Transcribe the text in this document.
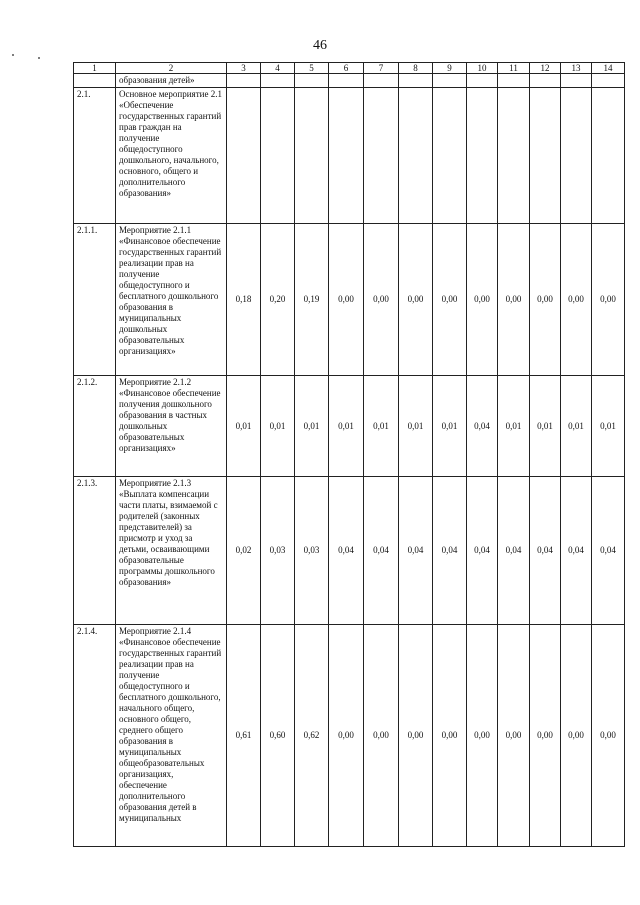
46
1	2	3	4	5	6	7	8	9	10	11	12	13	14
	образования детей»												
2.1.	Основное мероприятие 2.1 «Обеспечение государственных гарантий прав граждан на получение общедоступного дошкольного, начального, основного, общего и дополнительного образования»												
2.1.1.	Мероприятие 2.1.1 «Финансовое обеспечение государственных гарантий реализации прав на получение общедоступного и бесплатного дошкольного образования в муниципальных дошкольных образовательных организациях»	0,18	0,20	0,19	0,00	0,00	0,00	0,00	0,00	0,00	0,00	0,00	0,00
2.1.2.	Мероприятие 2.1.2 «Финансовое обеспечение получения дошкольного образования в частных дошкольных образовательных организациях»	0,01	0,01	0,01	0,01	0,01	0,01	0,01	0,04	0,01	0,01	0,01	0,01
2.1.3.	Мероприятие 2.1.3 «Выплата компенсации части платы, взимаемой с родителей (законных представителей) за присмотр и уход за детьми, осваивающими образовательные программы дошкольного образования»	0,02	0,03	0,03	0,04	0,04	0,04	0,04	0,04	0,04	0,04	0,04	0,04
2.1.4.	Мероприятие 2.1.4 «Финансовое обеспечение государственных гарантий реализации прав на получение общедоступного и бесплатного дошкольного, начального общего, основного общего, среднего общего образования в муниципальных общеобразовательных организациях, обеспечение дополнительного образования детей в муниципальных	0,61	0,60	0,62	0,00	0,00	0,00	0,00	0,00	0,00	0,00	0,00	0,00
